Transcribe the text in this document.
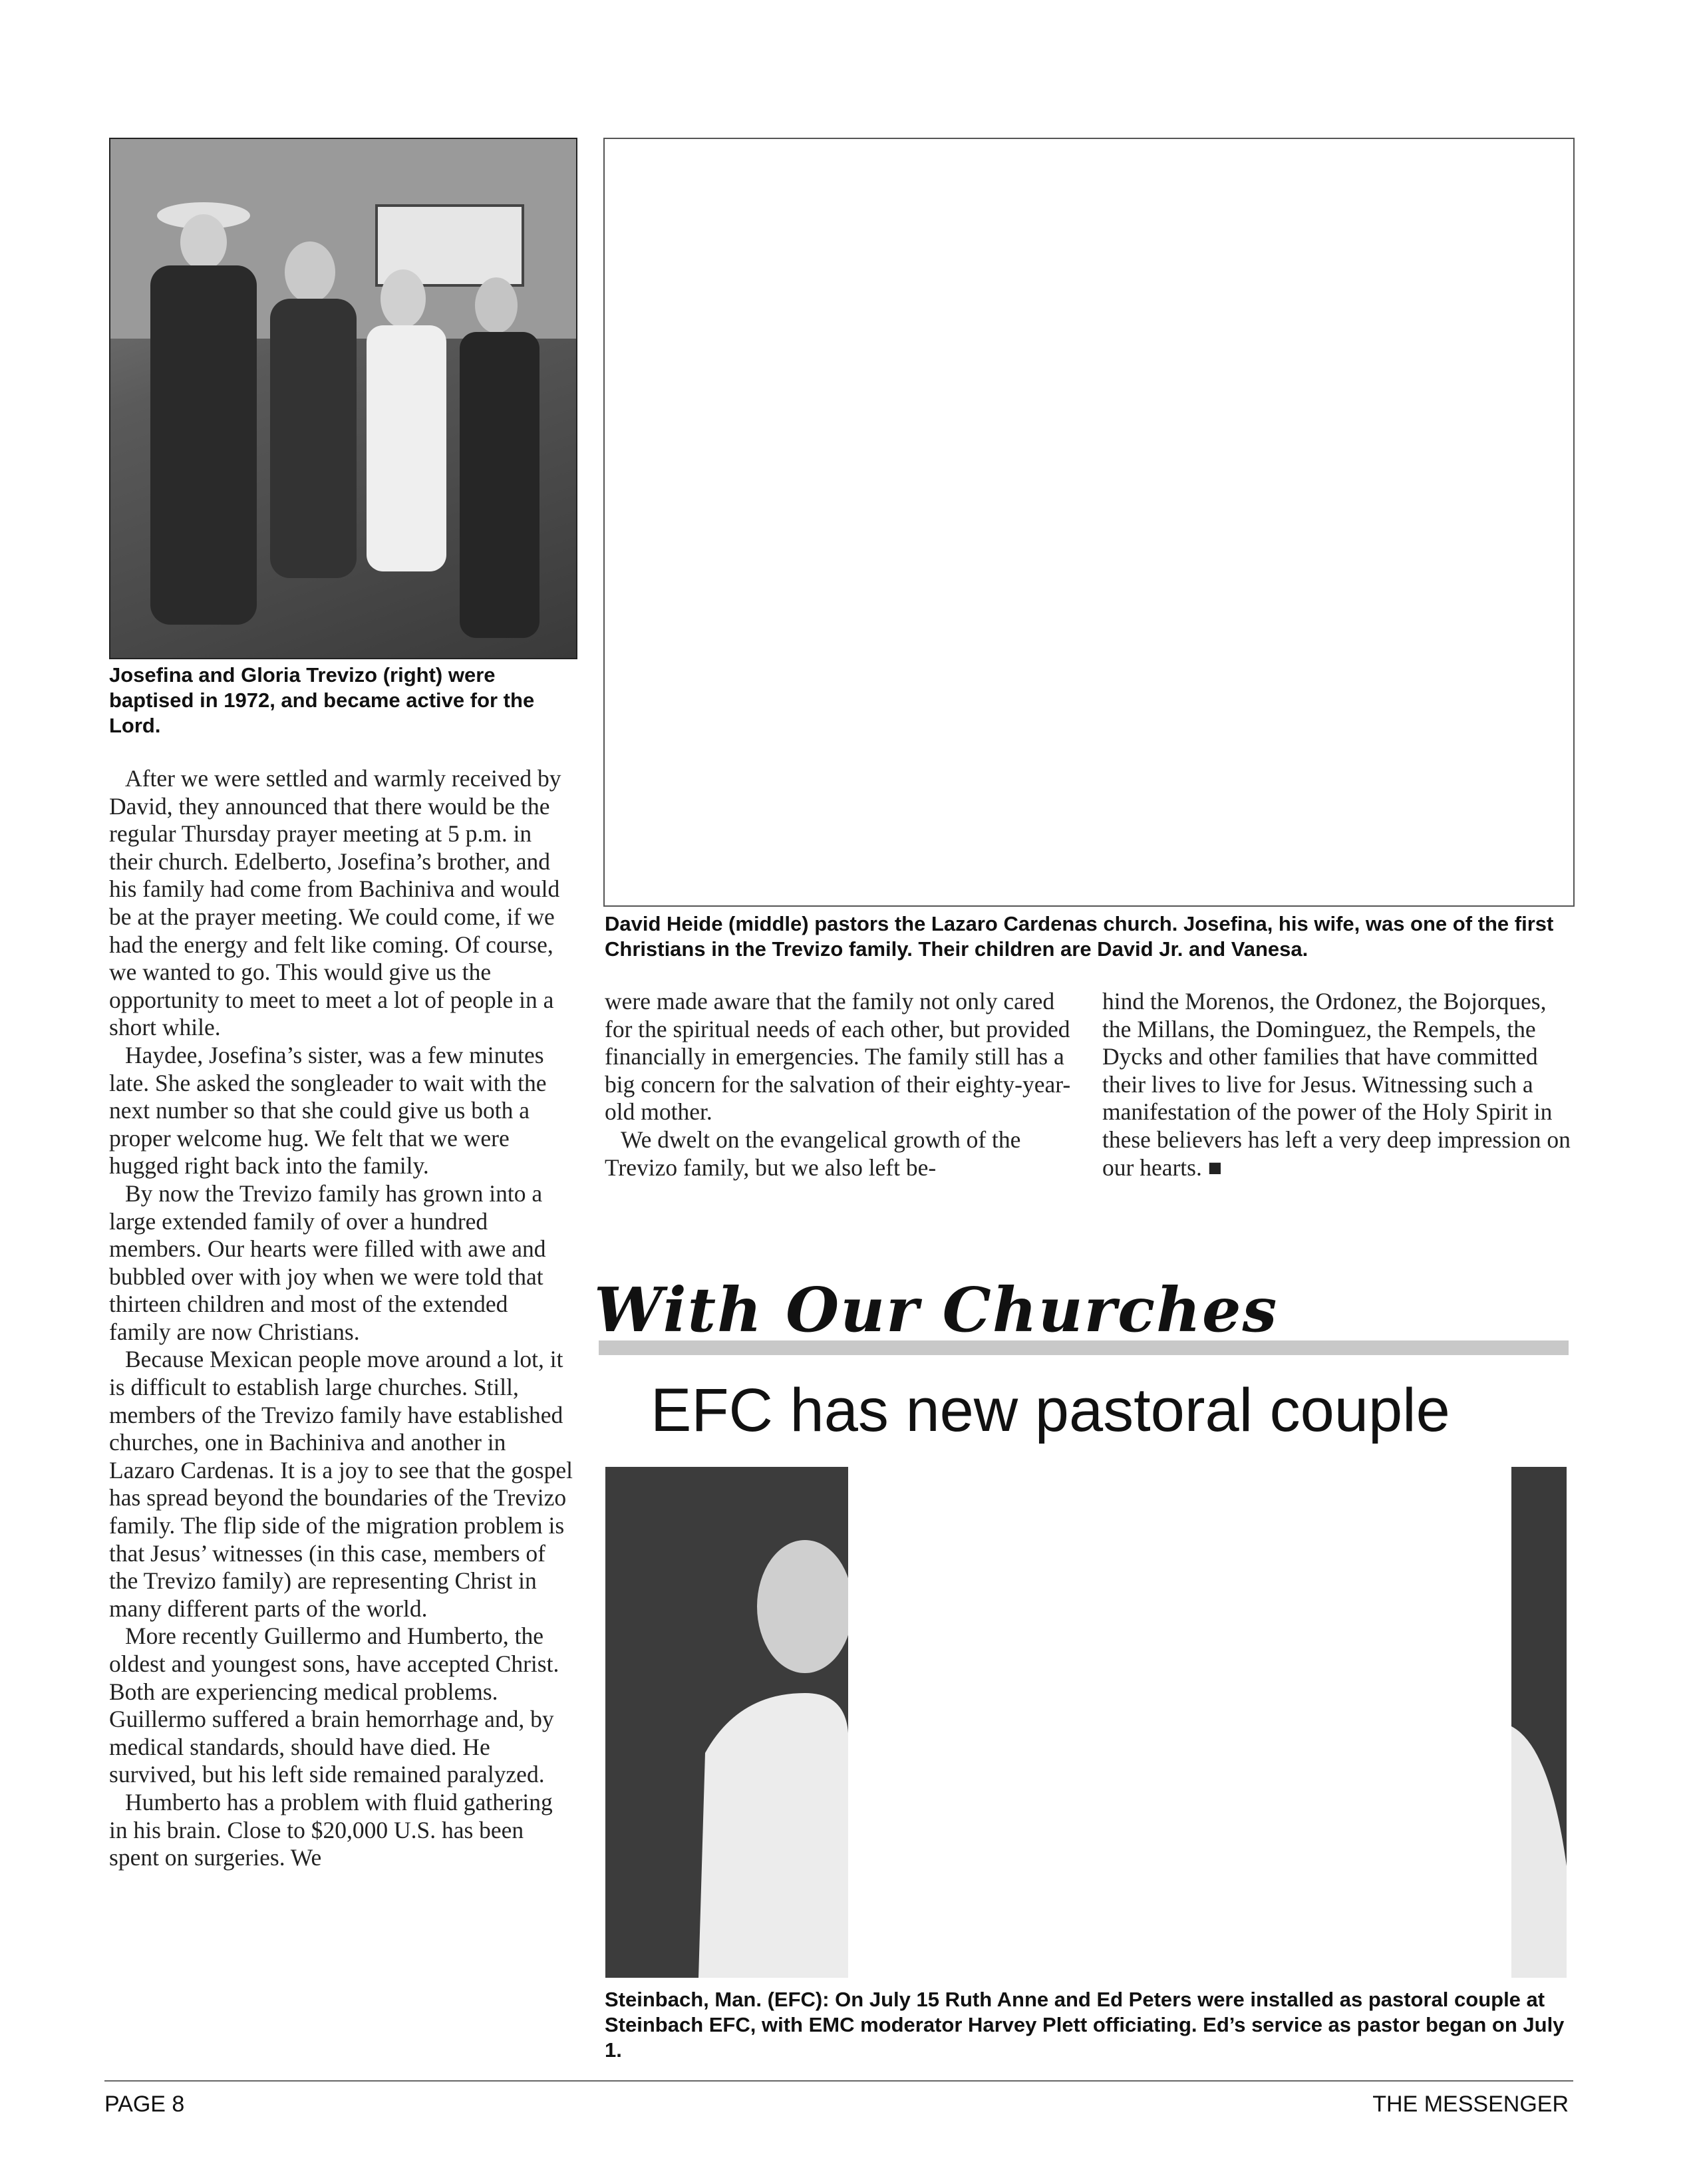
Josefina and Gloria Trevizo (right) were baptised in 1972, and became active for the Lord.
David Heide (middle) pastors the Lazaro Cardenas church. Josefina, his wife, was one of the first Christians in the Trevizo family. Their children are David Jr. and Vanesa.

After we were settled and warmly received by David, they announced that there would be the regular Thursday prayer meeting at 5 p.m. in their church. Edelberto, Josefina’s brother, and his family had come from Bachiniva and would be at the prayer meeting. We could come, if we had the energy and felt like coming. Of course, we wanted to go. This would give us the opportunity to meet to meet a lot of people in a short while.

Haydee, Josefina’s sister, was a few minutes late. She asked the songleader to wait with the next number so that she could give us both a proper welcome hug. We felt that we were hugged right back into the family.

By now the Trevizo family has grown into a large extended family of over a hundred members. Our hearts were filled with awe and bubbled over with joy when we were told that thirteen children and most of the extended family are now Christians.

Because Mexican people move around a lot, it is difficult to establish large churches. Still, members of the Trevizo family have established churches, one in Bachiniva and another in Lazaro Cardenas. It is a joy to see that the gospel has spread beyond the boundaries of the Trevizo family. The flip side of the migration problem is that Jesus’ witnesses (in this case, members of the Trevizo family) are representing Christ in many different parts of the world.

More recently Guillermo and Humberto, the oldest and youngest sons, have accepted Christ. Both are experiencing medical problems. Guillermo suffered a brain hemorrhage and, by medical standards, should have died. He survived, but his left side remained paralyzed.

Humberto has a problem with fluid gathering in his brain. Close to $20,000 U.S. has been spent on surgeries. We

were made aware that the family not only cared for the spiritual needs of each other, but provided financially in emergencies. The family still has a big concern for the salvation of their eighty-year-old mother.

We dwelt on the evangelical growth of the Trevizo family, but we also left be-

hind the Morenos, the Ordonez, the Bojorques, the Millans, the Dominguez, the Rempels, the Dycks and other families that have committed their lives to live for Jesus. Witnessing such a manifestation of the power of the Holy Spirit in these believers has left a very deep impression on our hearts. ■

With Our Churches
EFC has new pastoral couple
Steinbach, Man. (EFC): On July 15 Ruth Anne and Ed Peters were installed as pastoral couple at Steinbach EFC, with EMC moderator Harvey Plett officiating. Ed’s service as pastor began on July 1.
PAGE 8	THE MESSENGER
